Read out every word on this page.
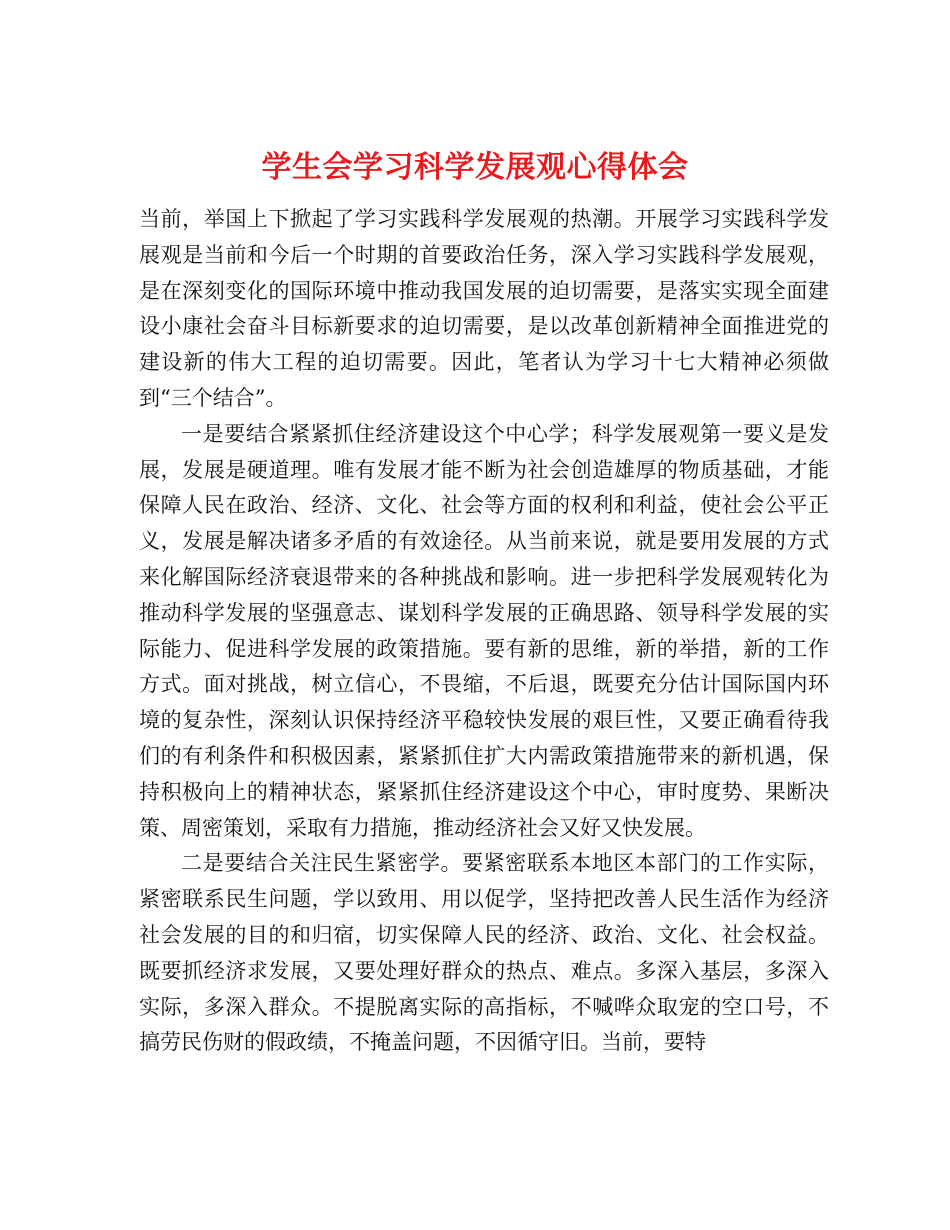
学生会学习科学发展观心得体会

当前，举国上下掀起了学习实践科学发展观的热潮。开展学习实践科学发展观是当前和今后一个时期的首要政治任务，深入学习实践科学发展观，是在深刻变化的国际环境中推动我国发展的迫切需要，是落实实现全面建设小康社会奋斗目标新要求的迫切需要，是以改革创新精神全面推进党的建设新的伟大工程的迫切需要。因此，笔者认为学习十七大精神必须做到“三个结合”。

一是要结合紧紧抓住经济建设这个中心学；科学发展观第一要义是发展，发展是硬道理。唯有发展才能不断为社会创造雄厚的物质基础，才能保障人民在政治、经济、文化、社会等方面的权利和利益，使社会公平正义，发展是解决诸多矛盾的有效途径。从当前来说，就是要用发展的方式来化解国际经济衰退带来的各种挑战和影响。进一步把科学发展观转化为推动科学发展的坚强意志、谋划科学发展的正确思路、领导科学发展的实际能力、促进科学发展的政策措施。要有新的思维，新的举措，新的工作方式。面对挑战，树立信心，不畏缩，不后退，既要充分估计国际国内环境的复杂性，深刻认识保持经济平稳较快发展的艰巨性，又要正确看待我们的有利条件和积极因素，紧紧抓住扩大内需政策措施带来的新机遇，保持积极向上的精神状态，紧紧抓住经济建设这个中心，审时度势、果断决策、周密策划，采取有力措施，推动经济社会又好又快发展。

二是要结合关注民生紧密学。要紧密联系本地区本部门的工作实际，紧密联系民生问题，学以致用、用以促学，坚持把改善人民生活作为经济社会发展的目的和归宿，切实保障人民的经济、政治、文化、社会权益。既要抓经济求发展，又要处理好群众的热点、难点。多深入基层，多深入实际，多深入群众。不提脱离实际的高指标，不喊哗众取宠的空口号，不搞劳民伤财的假政绩，不掩盖问题，不因循守旧。当前，要特
